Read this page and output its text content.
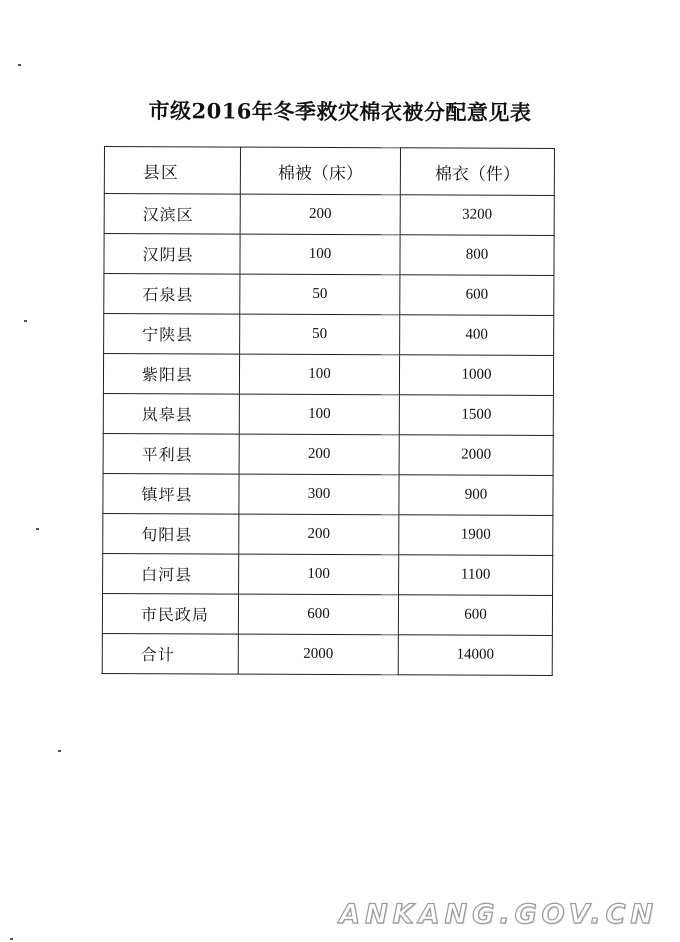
市级2016年冬季救灾棉衣被分配意见表
县区	棉被（床）	棉衣（件）
汉滨区	200	3200
汉阴县	100	800
石泉县	50	600
宁陕县	50	400
紫阳县	100	1000
岚皋县	100	1500
平利县	200	2000
镇坪县	300	900
旬阳县	200	1900
白河县	100	1100
市民政局	600	600
合计	2000	14000
ANKANG.GOV.CN
